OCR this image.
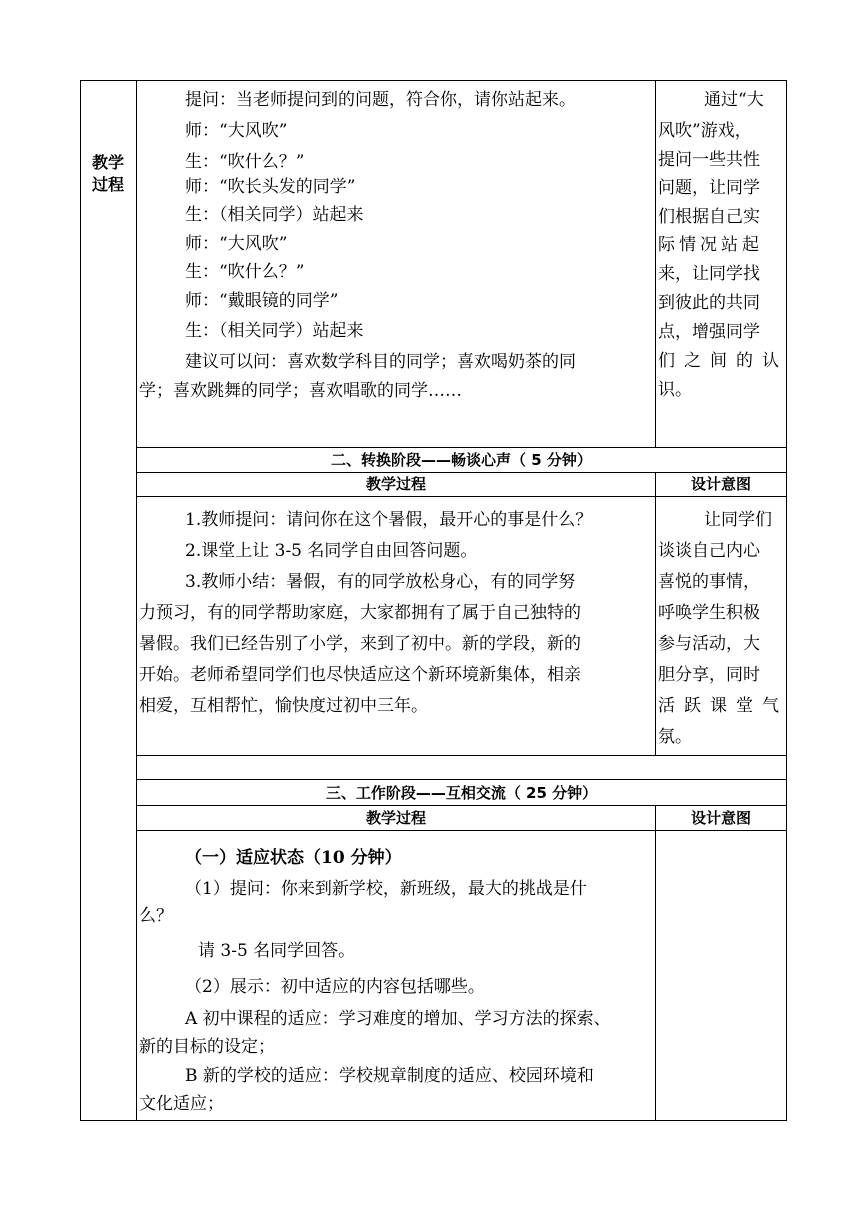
教学
过程
提问：当老师提问到的问题，符合你，请你站起来。
师：“大风吹”
生：“吹什么？”
师：“吹长头发的同学”
生：（相关同学）站起来
师：“大风吹”
生：“吹什么？”
师：“戴眼镜的同学”
生：（相关同学）站起来
建议可以问：喜欢数学科目的同学；喜欢喝奶茶的同
学；喜欢跳舞的同学；喜欢唱歌的同学……
通过“大
风吹”游戏，
提问一些共性
问题，让同学
们根据自己实
际情况站起
来，让同学找
到彼此的共同
点，增强同学
们之间的认
识。
二、转换阶段——畅谈心声（ 5 分钟）
教学过程	设计意图
1.教师提问：请问你在这个暑假，最开心的事是什么？
2.课堂上让 3-5 名同学自由回答问题。
3.教师小结：暑假，有的同学放松身心，有的同学努
力预习，有的同学帮助家庭，大家都拥有了属于自己独特的
暑假。我们已经告别了小学，来到了初中。新的学段，新的
开始。老师希望同学们也尽快适应这个新环境新集体，相亲
相爱，互相帮忙，愉快度过初中三年。
让同学们
谈谈自己内心
喜悦的事情，
呼唤学生积极
参与活动，大
胆分享，同时
活跃课堂气
氛。
三、工作阶段——互相交流（ 25 分钟）
教学过程	设计意图
（一）适应状态（10 分钟）
（1）提问：你来到新学校，新班级，最大的挑战是什
么？
请 3-5 名同学回答。
（2）展示：初中适应的内容包括哪些。
A 初中课程的适应：学习难度的增加、学习方法的探索、
新的目标的设定；
B 新的学校的适应：学校规章制度的适应、校园环境和
文化适应；
